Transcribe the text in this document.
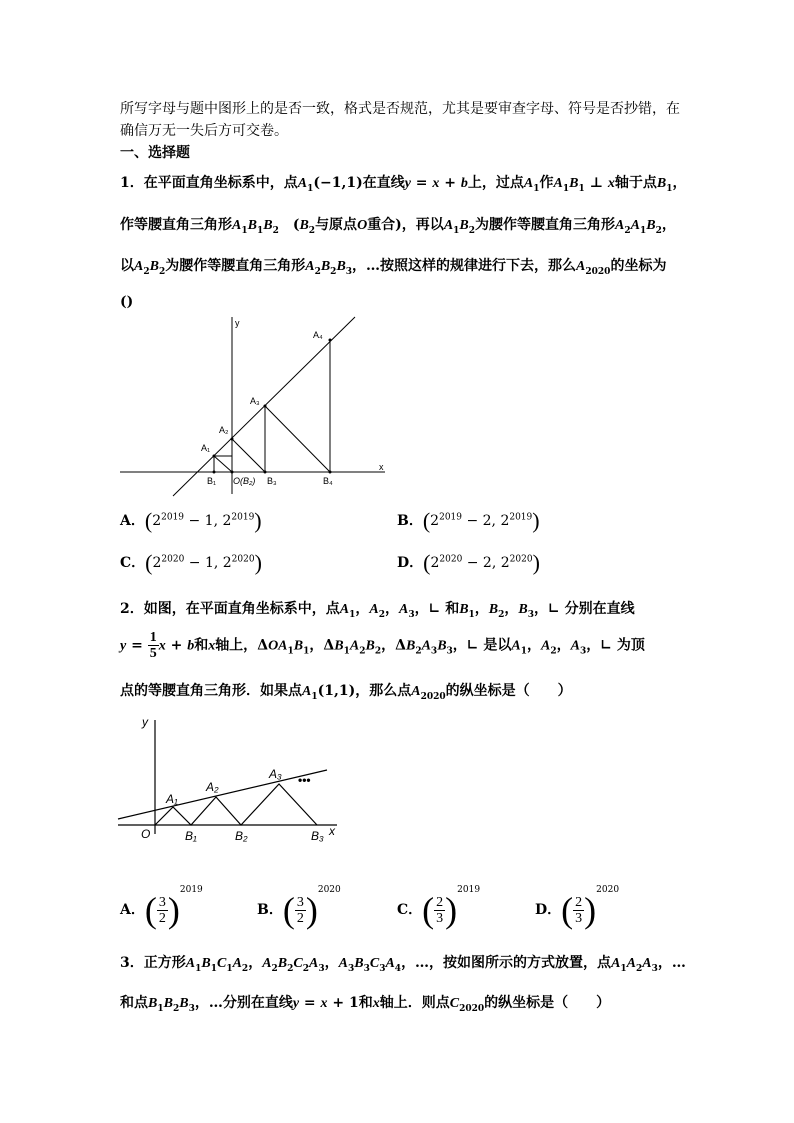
所写字母与题中图形上的是否一致，格式是否规范，尤其是要审查字母、符号是否抄错，在
确信万无一失后方可交卷。
一、选择题
1．在平面直角坐标系中，点$A_1(-1,1)$在直线y = x + b上，过点$A_1$作$A_1B_1$ ⊥ x轴于点$B_1$，
作等腰直角三角形$A_1B_1B_2$　($B_2$与原点O重合)，再以$A_1B_2$为腰作等腰直角三角形$A_2A_1B_2$，
以$A_2B_2$为腰作等腰直角三角形$A_2B_2B_3$，…按照这样的规律进行下去，那么$A_{2020}$的坐标为
()
y
x
A₄
A₃
A₂
A₁
B₁ O(B₂) B₃	B₄
A．($2^{2019} - 1$, $2^{2019}$)	B．($2^{2019} - 2$, $2^{2019}$)
C．($2^{2020} - 1$, $2^{2020}$)	D．($2^{2020} - 2$, $2^{2020}$)
2．如图，在平面直角坐标系中，点$A_1$，$A_2$，$A_3$，∟ 和$B_1$，$B_2$，$B_3$，∟ 分别在直线
$y = \frac{1}{5}$ x + b和x轴上，$\Delta OA_1B_1$，$\Delta B_1A_2B_2$，$\Delta B_2A_3B_3$，∟ 是以$A_1$，$A_2$，$A_3$，∟ 为顶
点的等腰直角三角形．如果点$A_1(1,1)$，那么点$A_{2020}$的纵坐标是（　　）
y
A₁
A₂
A₃ •••
O	B₁	B₂	B₃ x
A．( $\frac{3}{2} )^{2019}$
B．( $\frac{3}{2} )^{2020}$
C．( $\frac{2}{3} )^{2019}$
D．( $\frac{2}{3} )^{2020}$
3．正方形$A_1B_1C_1A_2$，$A_2B_2C_2A_3$，$A_3B_3C_3A_4$，…，按如图所示的方式放置，点$A_1A_2A_3$，…
和点$B_1B_2B_3$，…分别在直线y = x + 1和x轴上．则点$C_{2020}$的纵坐标是（　　）
